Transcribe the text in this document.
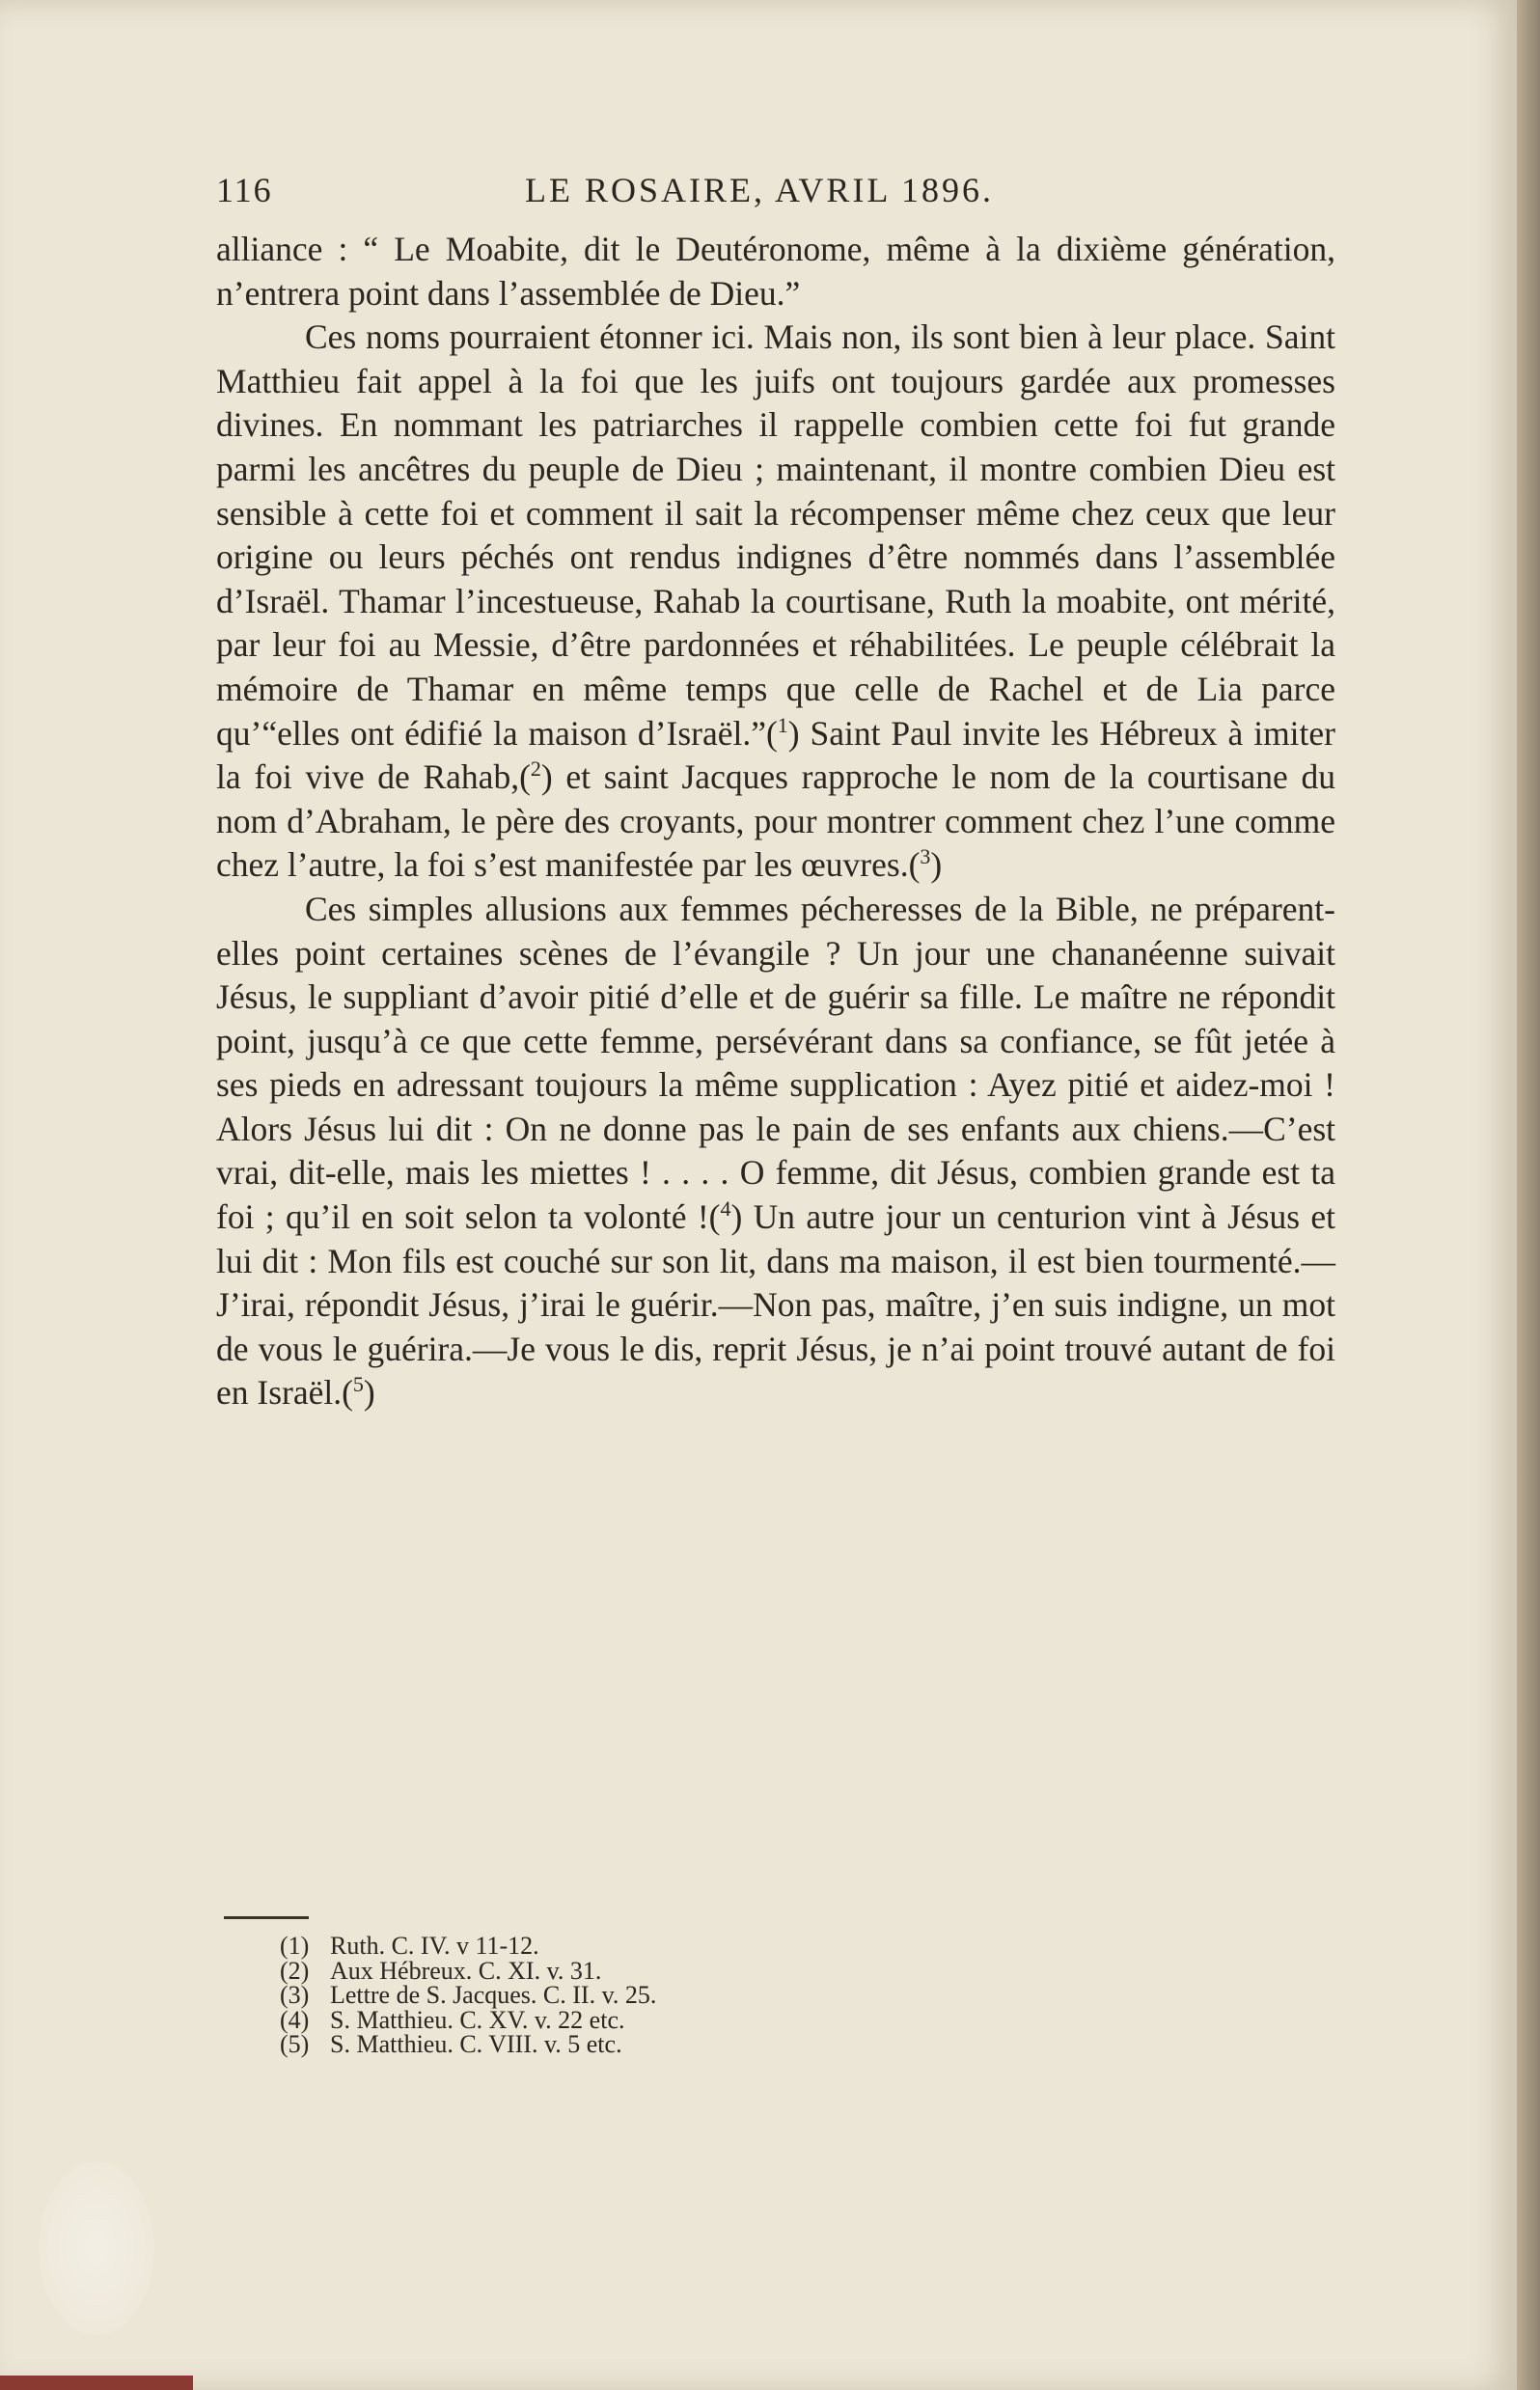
116	LE ROSAIRE, AVRIL 1896.

alliance : “ Le Moabite, dit le Deutéronome, même à la dixième génération, n’entrera point dans l’assemblée de Dieu.”

Ces noms pourraient étonner ici. Mais non, ils sont bien à leur place. Saint Matthieu fait appel à la foi que les juifs ont toujours gardée aux promesses divines. En nommant les patriarches il rappelle combien cette foi fut grande parmi les ancêtres du peuple de Dieu ; maintenant, il montre combien Dieu est sensible à cette foi et comment il sait la récompenser même chez ceux que leur origine ou leurs péchés ont rendus indignes d’être nommés dans l’assemblée d’Israël. Thamar l’incestueuse, Rahab la courtisane, Ruth la moabite, ont mérité, par leur foi au Messie, d’être pardonnées et réhabilitées. Le peuple célébrait la mémoire de Thamar en même temps que celle de Rachel et de Lia parce qu’“elles ont édifié la maison d’Israël.”($^1$) Saint Paul invite les Hébreux à imiter la foi vive de Rahab,($^2$) et saint Jacques rapproche le nom de la courtisane du nom d’Abraham, le père des croyants, pour montrer comment chez l’une comme chez l’autre, la foi s’est manifestée par les œuvres.($^3$)

Ces simples allusions aux femmes pécheresses de la Bible, ne préparent-elles point certaines scènes de l’évangile ? Un jour une chananéenne suivait Jésus, le suppliant d’avoir pitié d’elle et de guérir sa fille. Le maître ne répondit point, jusqu’à ce que cette femme, persévérant dans sa confiance, se fût jetée à ses pieds en adressant toujours la même supplication : Ayez pitié et aidez-moi ! Alors Jésus lui dit : On ne donne pas le pain de ses enfants aux chiens.—C’est vrai, dit-elle, mais les miettes ! . . . . O femme, dit Jésus, combien grande est ta foi ; qu’il en soit selon ta volonté !($^4$) Un autre jour un centurion vint à Jésus et lui dit : Mon fils est couché sur son lit, dans ma maison, il est bien tourmenté.—J’irai, répondit Jésus, j’irai le guérir.—Non pas, maître, j’en suis indigne, un mot de vous le guérira.—Je vous le dis, reprit Jésus, je n’ai point trouvé autant de foi en Israël.($^5$)

(1) Ruth. C. IV. v 11-12.
(2) Aux Hébreux. C. XI. v. 31.
(3) Lettre de S. Jacques. C. II. v. 25.
(4) S. Matthieu. C. XV. v. 22 etc.
(5) S. Matthieu. C. VIII. v. 5 etc.
